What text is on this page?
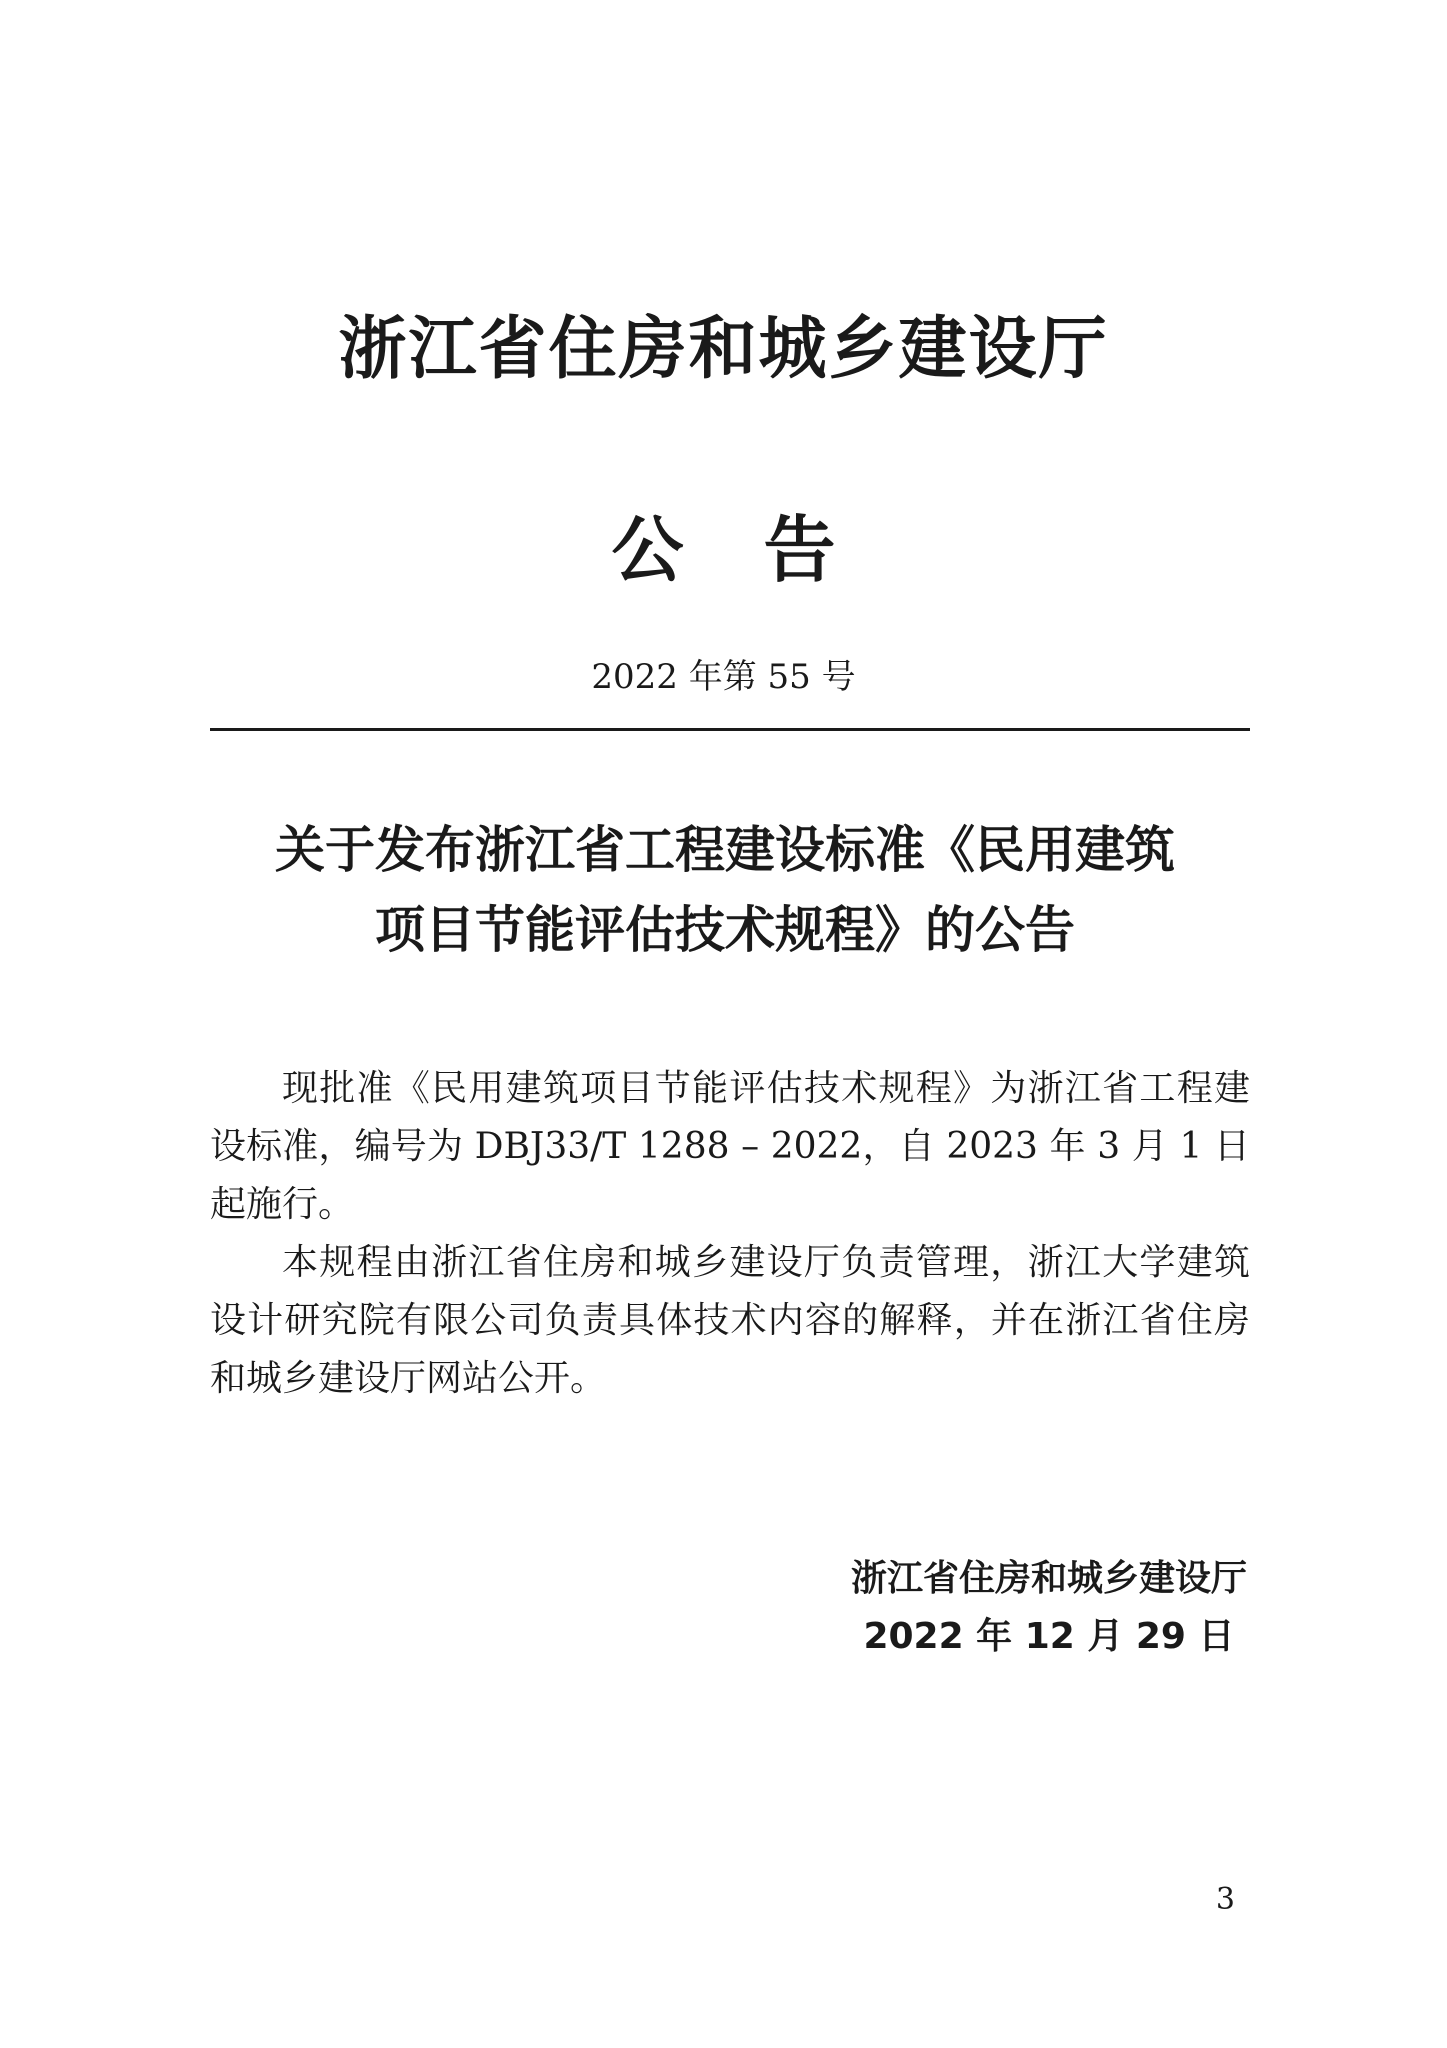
浙江省住房和城乡建设厅
公告
2022 年第 55 号
关于发布浙江省工程建设标准《民用建筑
项目节能评估技术规程》的公告

现批准《民用建筑项目节能评估技术规程》为浙江省工程建设标准，编号为 DBJ33/T 1288 – 2022，自 2023 年 3 月 1 日起施行。

本规程由浙江省住房和城乡建设厅负责管理，浙江大学建筑设计研究院有限公司负责具体技术内容的解释，并在浙江省住房和城乡建设厅网站公开。

浙江省住房和城乡建设厅
2022 年 12 月 29 日
3
